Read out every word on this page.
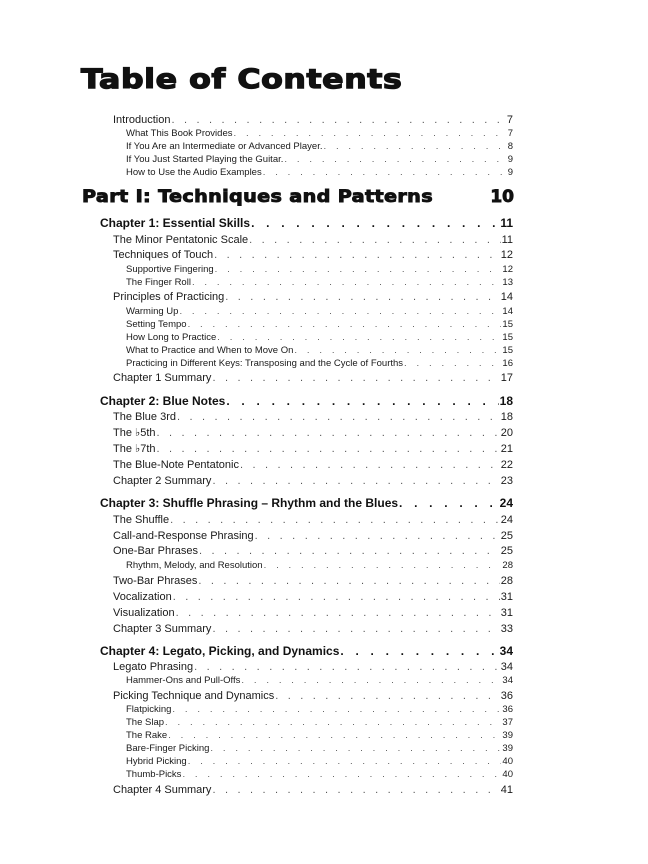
Table of Contents
Introduction . . .	7
What This Book Provides . . .	7
If You Are an Intermediate or Advanced Player. . . .	8
If You Just Started Playing the Guitar. . . .	9
How to Use the Audio Examples . . .	9
Part I: Techniques and Patterns	10
Chapter 1: Essential Skills . . .	11
The Minor Pentatonic Scale . . .	11
Techniques of Touch . . .	12
Supportive Fingering . . .	12
The Finger Roll . . .	13
Principles of Practicing . . .	14
Warming Up . . .	14
Setting Tempo . . .	15
How Long to Practice . . .	15
What to Practice and When to Move On . . .	15
Practicing in Different Keys: Transposing and the Cycle of Fourths . . .	16
Chapter 1 Summary . . .	17
Chapter 2: Blue Notes . . .	18
The Blue 3rd . . .	18
The ♭5th . . .	20
The ♭7th . . .	21
The Blue-Note Pentatonic . . .	22
Chapter 2 Summary . . .	23
Chapter 3: Shuffle Phrasing – Rhythm and the Blues . . .	24
The Shuffle . . .	24
Call-and-Response Phrasing . . .	25
One-Bar Phrases . . .	25
Rhythm, Melody, and Resolution . . .	28
Two-Bar Phrases . . .	28
Vocalization . . .	31
Visualization . . .	31
Chapter 3 Summary . . .	33
Chapter 4: Legato, Picking, and Dynamics . . .	34
Legato Phrasing . . .	34
Hammer-Ons and Pull-Offs . . .	34
Picking Technique and Dynamics . . .	36
Flatpicking . . .	36
The Slap . . .	37
The Rake . . .	39
Bare-Finger Picking . . .	39
Hybrid Picking . . .	40
Thumb-Picks . . .	40
Chapter 4 Summary . . .	41
